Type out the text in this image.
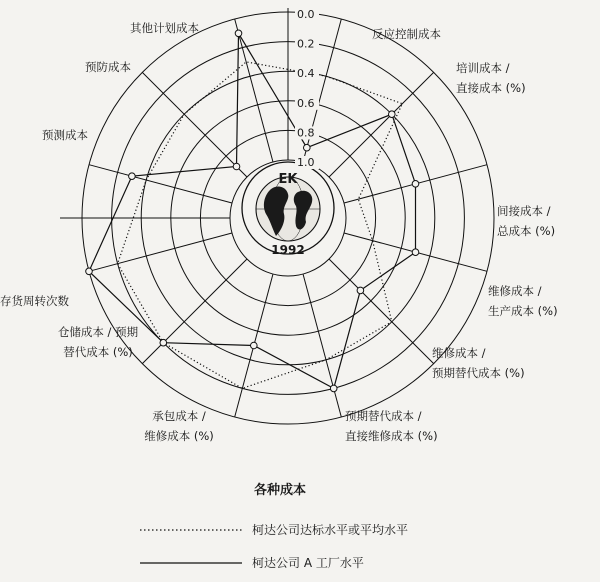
EK
1992
0.0
0.2
0.4
0.6
0.8
1.0
反应控制成本
培训成本 /直接成本 (%)
间接成本 /总成本 (%)
维修成本 /生产成本 (%)
维修成本 /预期替代成本 (%)
预期替代成本 /直接维修成本 (%)
承包成本 /维修成本 (%)
仓储成本 / 预期替代成本 (%)
存货周转次数
预测成本
预防成本
其他计划成本
各种成本
柯达公司达标水平或平均水平
柯达公司 A 工厂水平
